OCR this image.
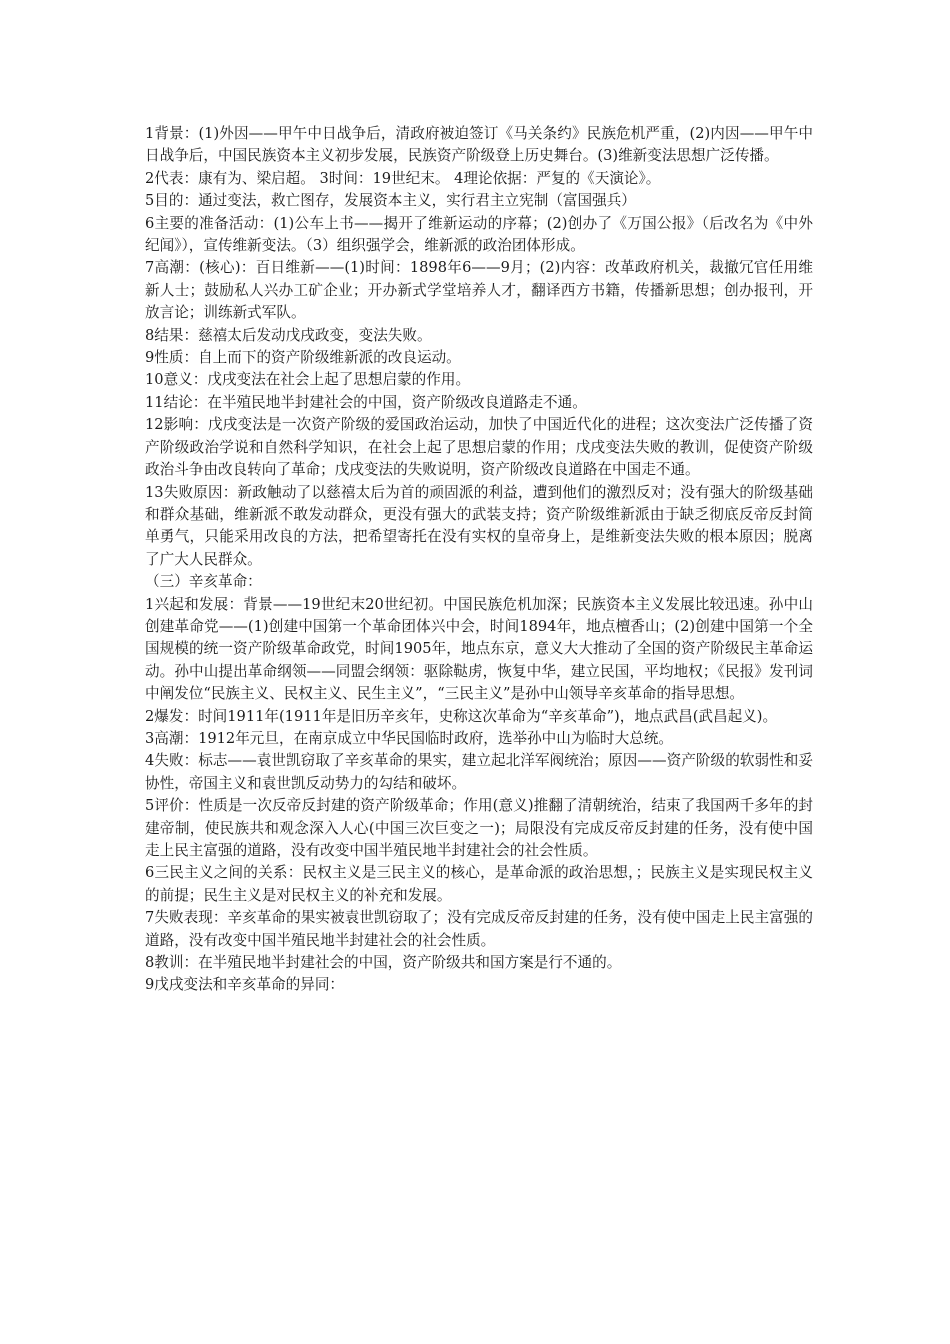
1背景：(1)外因——甲午中日战争后，清政府被迫签订《马关条约》民族危机严重，(2)内因——甲午中日战争后，中国民族资本主义初步发展，民族资产阶级登上历史舞台。(3)维新变法思想广泛传播。

2代表：康有为、梁启超。 3时间：19世纪末。 4理论依据：严复的《天演论》。

5目的：通过变法，救亡图存，发展资本主义，实行君主立宪制（富国强兵）

6主要的准备活动：(1)公车上书——揭开了维新运动的序幕；(2)创办了《万国公报》（后改名为《中外纪闻》），宣传维新变法。（3）组织强学会，维新派的政治团体形成。

7高潮：(核心)：百日维新——(1)时间：1898年6——9月；(2)内容：改革政府机关，裁撤冗官任用维新人士；鼓励私人兴办工矿企业；开办新式学堂培养人才，翻译西方书籍，传播新思想；创办报刊，开放言论；训练新式军队。

8结果：慈禧太后发动戊戌政变，变法失败。

9性质：自上而下的资产阶级维新派的改良运动。

10意义：戊戌变法在社会上起了思想启蒙的作用。

11结论：在半殖民地半封建社会的中国，资产阶级改良道路走不通。

12影响：戊戌变法是一次资产阶级的爱国政治运动，加快了中国近代化的进程；这次变法广泛传播了资产阶级政治学说和自然科学知识，在社会上起了思想启蒙的作用；戊戌变法失败的教训，促使资产阶级政治斗争由改良转向了革命；戊戌变法的失败说明，资产阶级改良道路在中国走不通。

13失败原因：新政触动了以慈禧太后为首的顽固派的利益，遭到他们的激烈反对；没有强大的阶级基础和群众基础，维新派不敢发动群众，更没有强大的武装支持；资产阶级维新派由于缺乏彻底反帝反封简单勇气，只能采用改良的方法，把希望寄托在没有实权的皇帝身上，是维新变法失败的根本原因；脱离了广大人民群众。

（三）辛亥革命：

1兴起和发展：背景——19世纪末20世纪初。中国民族危机加深；民族资本主义发展比较迅速。孙中山创建革命党——(1)创建中国第一个革命团体兴中会，时间1894年，地点檀香山；(2)创建中国第一个全国规模的统一资产阶级革命政党，时间1905年，地点东京，意义大大推动了全国的资产阶级民主革命运动。孙中山提出革命纲领——同盟会纲领：驱除鞑虏，恢复中华，建立民国，平均地权；《民报》发刊词中阐发位“民族主义、民权主义、民生主义”，“三民主义”是孙中山领导辛亥革命的指导思想。

2爆发：时间1911年(1911年是旧历辛亥年，史称这次革命为“辛亥革命”)，地点武昌(武昌起义)。

3高潮：1912年元旦，在南京成立中华民国临时政府，选举孙中山为临时大总统。

4失败：标志——袁世凯窃取了辛亥革命的果实，建立起北洋军阀统治；原因——资产阶级的软弱性和妥协性，帝国主义和袁世凯反动势力的勾结和破坏。

5评价：性质是一次反帝反封建的资产阶级革命；作用(意义)推翻了清朝统治，结束了我国两千多年的封建帝制，使民族共和观念深入人心(中国三次巨变之一)；局限没有完成反帝反封建的任务，没有使中国走上民主富强的道路，没有改变中国半殖民地半封建社会的社会性质。

6三民主义之间的关系：民权主义是三民主义的核心，是革命派的政治思想，；民族主义是实现民权主义的前提；民生主义是对民权主义的补充和发展。

7失败表现：辛亥革命的果实被袁世凯窃取了；没有完成反帝反封建的任务，没有使中国走上民主富强的道路，没有改变中国半殖民地半封建社会的社会性质。

8教训：在半殖民地半封建社会的中国，资产阶级共和国方案是行不通的。

9戊戌变法和辛亥革命的异同：
